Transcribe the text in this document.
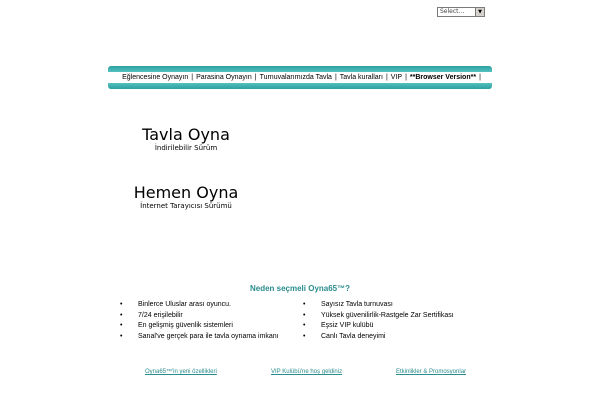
Select...	▼
Eğlencesine Oynayın | Parasina Oynayın | Turnuvalarımızda Tavla | Tavla kuralları | VIP | **Browser Version** |
Tavla Oyna
İndirilebilir Sürüm
Hemen Oyna
İnternet Tarayıcısı Sürümü
Neden seçmeli Oyna65™?
• Binlerce Uluslar arası oyuncu.
• 7/24 erişilebilir
• En gelişmiş güvenlik sistemleri
• Sanal've gerçek para ile tavla oynama imkanı
• Sayısız Tavla turnuvası
• Yüksek güvenilirlik-Rastgele Zar Sertifikası
• Eşsiz VIP kulübü
• Canlı Tavla deneyimi
Oyna65™'in yeni özellikleri	VIP Kulübü'ne hoş geldiniz	Etkinlikler & Promosyonlar
